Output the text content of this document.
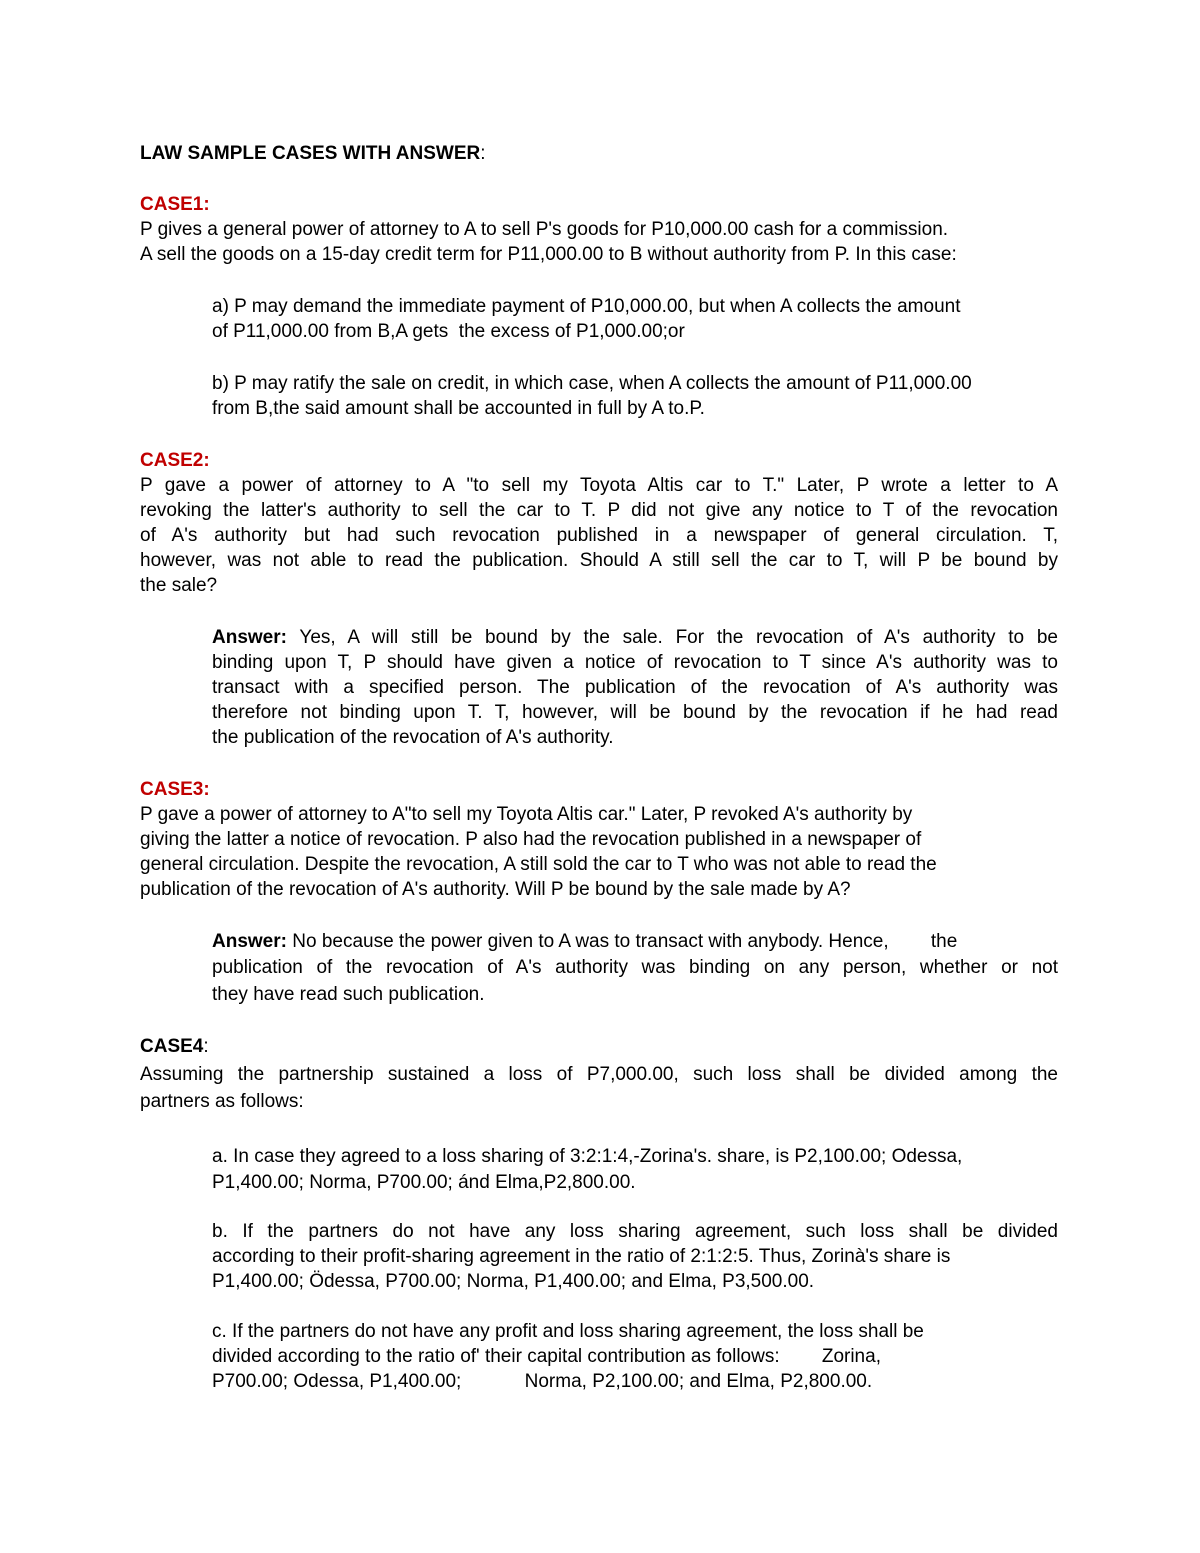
LAW SAMPLE CASES WITH ANSWER:
CASE1:
P gives a general power of attorney to A to sell P's goods for P10,000.00 cash for a commission.
A sell the goods on a 15-day credit term for P11,000.00 to B without authority from P. In this case:
a) P may demand the immediate payment of P10,000.00, but when A collects the amount
of P11,000.00 from B,A gets  the excess of P1,000.00;or
b) P may ratify the sale on credit, in which case, when A collects the amount of P11,000.00
from B,the said amount shall be accounted in full by A to.P.
CASE2:
P gave a power of attorney to A "to sell my Toyota Altis car to T." Later, P wrote a letter to A
revoking the latter's authority to sell the car to T. P did not give any notice to T of the revocation
of A's authority but had such revocation published in a newspaper of general circulation. T,
however, was not able to read the publication. Should A still sell the car to T, will P be bound by
the sale?
Answer: Yes, A will still be bound by the sale. For the revocation of A's authority to be
binding upon T, P should have given a notice of revocation to T since A's authority was to
transact with a specified person. The publication of the revocation of A's authority was
therefore not binding upon T. T, however, will be bound by the revocation if he had read
the publication of the revocation of A's authority.
CASE3:
P gave a power of attorney to A"to sell my Toyota Altis car." Later, P revoked A's authority by
giving the latter a notice of revocation. P also had the revocation published in a newspaper of
general circulation. Despite the revocation, A still sold the car to T who was not able to read the
publication of the revocation of A's authority. Will P be bound by the sale made by A?
Answer: No because the power given to A was to transact with anybody. Hence,        the
publication of the revocation of A's authority was binding on any person, whether or not
they have read such publication.
CASE4:
Assuming the partnership sustained a loss of P7,000.00, such loss shall be divided among the
partners as follows:
a. In case they agreed to a loss sharing of 3:2:1:4,-Zorina's. share, is P2,100.00; Odessa,
P1,400.00; Norma, P700.00; ánd Elma,P2,800.00.
b. If the partners do not have any loss sharing agreement, such loss shall be divided
according to their profit-sharing agreement in the ratio of 2:1:2:5. Thus, Zorinà's share is
P1,400.00; Ödessa, P700.00; Norma, P1,400.00; and Elma, P3,500.00.
c. If the partners do not have any profit and loss sharing agreement, the loss shall be
divided according to the ratio of' their capital contribution as follows:        Zorina,
P700.00; Odessa, P1,400.00;            Norma, P2,100.00; and Elma, P2,800.00.
